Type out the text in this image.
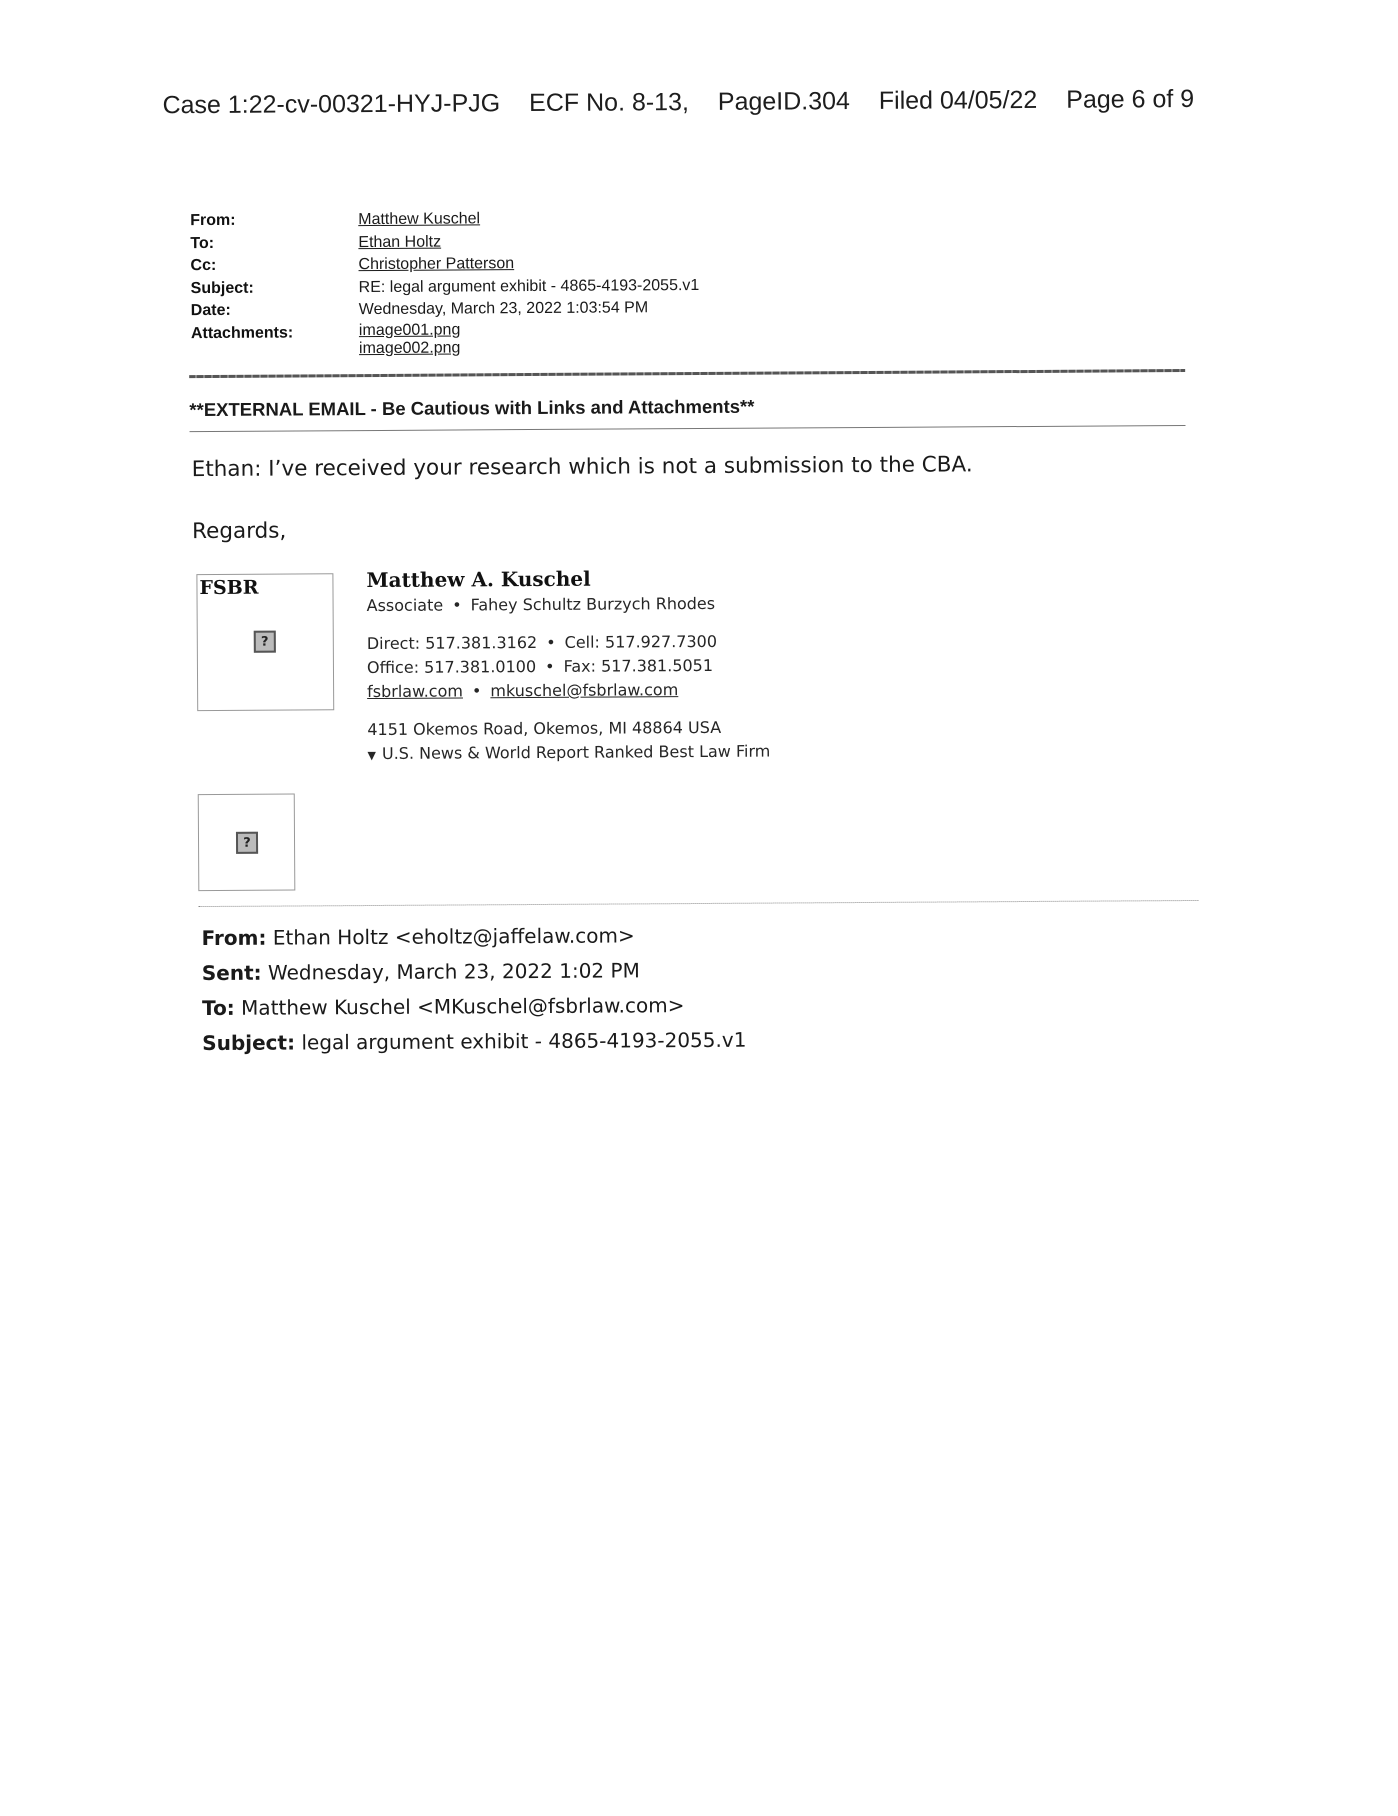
Case 1:22-cv-00321-HYJ-PJG ECF No. 8-13, PageID.304 Filed 04/05/22 Page 6 of 9
From:	Matthew Kuschel
To:	Ethan Holtz
Cc:	Christopher Patterson
Subject:	RE: legal argument exhibit - 4865-4193-2055.v1
Date:	Wednesday, March 23, 2022 1:03:54 PM
Attachments:	image001.png
image002.png
**EXTERNAL EMAIL - Be Cautious with Links and Attachments**
Ethan: I’ve received your research which is not a submission to the CBA.
Regards,
FSBR
?
Matthew A. Kuschel
Associate • Fahey Schultz Burzych Rhodes
Direct: 517.381.3162 • Cell: 517.927.7300
Office: 517.381.0100 • Fax: 517.381.5051
fsbrlaw.com • mkuschel@fsbrlaw.com
4151 Okemos Road, Okemos, MI 48864 USA
▼ U.S. News & World Report Ranked Best Law Firm
?
From: Ethan Holtz <eholtz@jaffelaw.com>
Sent: Wednesday, March 23, 2022 1:02 PM
To: Matthew Kuschel <MKuschel@fsbrlaw.com>
Subject: legal argument exhibit - 4865-4193-2055.v1
